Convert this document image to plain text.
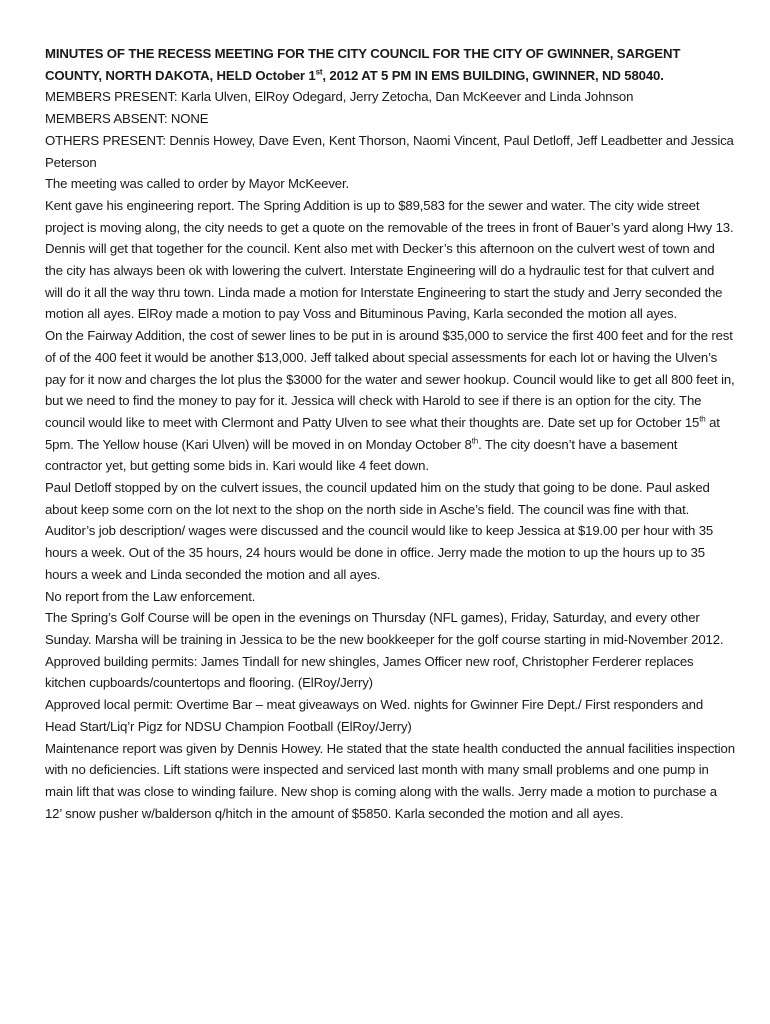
MINUTES OF THE RECESS MEETING FOR THE CITY COUNCIL FOR THE CITY OF GWINNER, SARGENT COUNTY, NORTH DAKOTA, HELD October 1st, 2012 AT 5 PM IN EMS BUILDING, GWINNER, ND 58040.

MEMBERS PRESENT: Karla Ulven, ElRoy Odegard, Jerry Zetocha, Dan McKeever and Linda Johnson

MEMBERS ABSENT: NONE

OTHERS PRESENT: Dennis Howey, Dave Even, Kent Thorson, Naomi Vincent, Paul Detloff, Jeff Leadbetter and Jessica Peterson

The meeting was called to order by Mayor McKeever.

Kent gave his engineering report. The Spring Addition is up to $89,583 for the sewer and water. The city wide street project is moving along, the city needs to get a quote on the removable of the trees in front of Bauer’s yard along Hwy 13. Dennis will get that together for the council. Kent also met with Decker’s this afternoon on the culvert west of town and the city has always been ok with lowering the culvert. Interstate Engineering will do a hydraulic test for that culvert and will do it all the way thru town. Linda made a motion for Interstate Engineering to start the study and Jerry seconded the motion all ayes. ElRoy made a motion to pay Voss and Bituminous Paving, Karla seconded the motion all ayes.

On the Fairway Addition, the cost of sewer lines to be put in is around $35,000 to service the first 400 feet and for the rest of of the 400 feet it would be another $13,000. Jeff talked about special assessments for each lot or having the Ulven’s pay for it now and charges the lot plus the $3000 for the water and sewer hookup. Council would like to get all 800 feet in, but we need to find the money to pay for it. Jessica will check with Harold to see if there is an option for the city. The council would like to meet with Clermont and Patty Ulven to see what their thoughts are. Date set up for October 15th at 5pm. The Yellow house (Kari Ulven) will be moved in on Monday October 8th. The city doesn’t have a basement contractor yet, but getting some bids in. Kari would like 4 feet down.

Paul Detloff stopped by on the culvert issues, the council updated him on the study that going to be done. Paul asked about keep some corn on the lot next to the shop on the north side in Asche’s field. The council was fine with that.

Auditor’s job description/ wages were discussed and the council would like to keep Jessica at $19.00 per hour with 35 hours a week. Out of the 35 hours, 24 hours would be done in office. Jerry made the motion to up the hours up to 35 hours a week and Linda seconded the motion and all ayes.

No report from the Law enforcement.

The Spring’s Golf Course will be open in the evenings on Thursday (NFL games), Friday, Saturday, and every other Sunday. Marsha will be training in Jessica to be the new bookkeeper for the golf course starting in mid-November 2012.

Approved building permits: James Tindall for new shingles, James Officer new roof, Christopher Ferderer replaces kitchen cupboards/countertops and flooring. (ElRoy/Jerry)

Approved local permit: Overtime Bar – meat giveaways on Wed. nights for Gwinner Fire Dept./ First responders and Head Start/Liq’r Pigz for NDSU Champion Football (ElRoy/Jerry)

Maintenance report was given by Dennis Howey. He stated that the state health conducted the annual facilities inspection with no deficiencies. Lift stations were inspected and serviced last month with many small problems and one pump in main lift that was close to winding failure. New shop is coming along with the walls. Jerry made a motion to purchase a 12’ snow pusher w/balderson q/hitch in the amount of $5850. Karla seconded the motion and all ayes.
